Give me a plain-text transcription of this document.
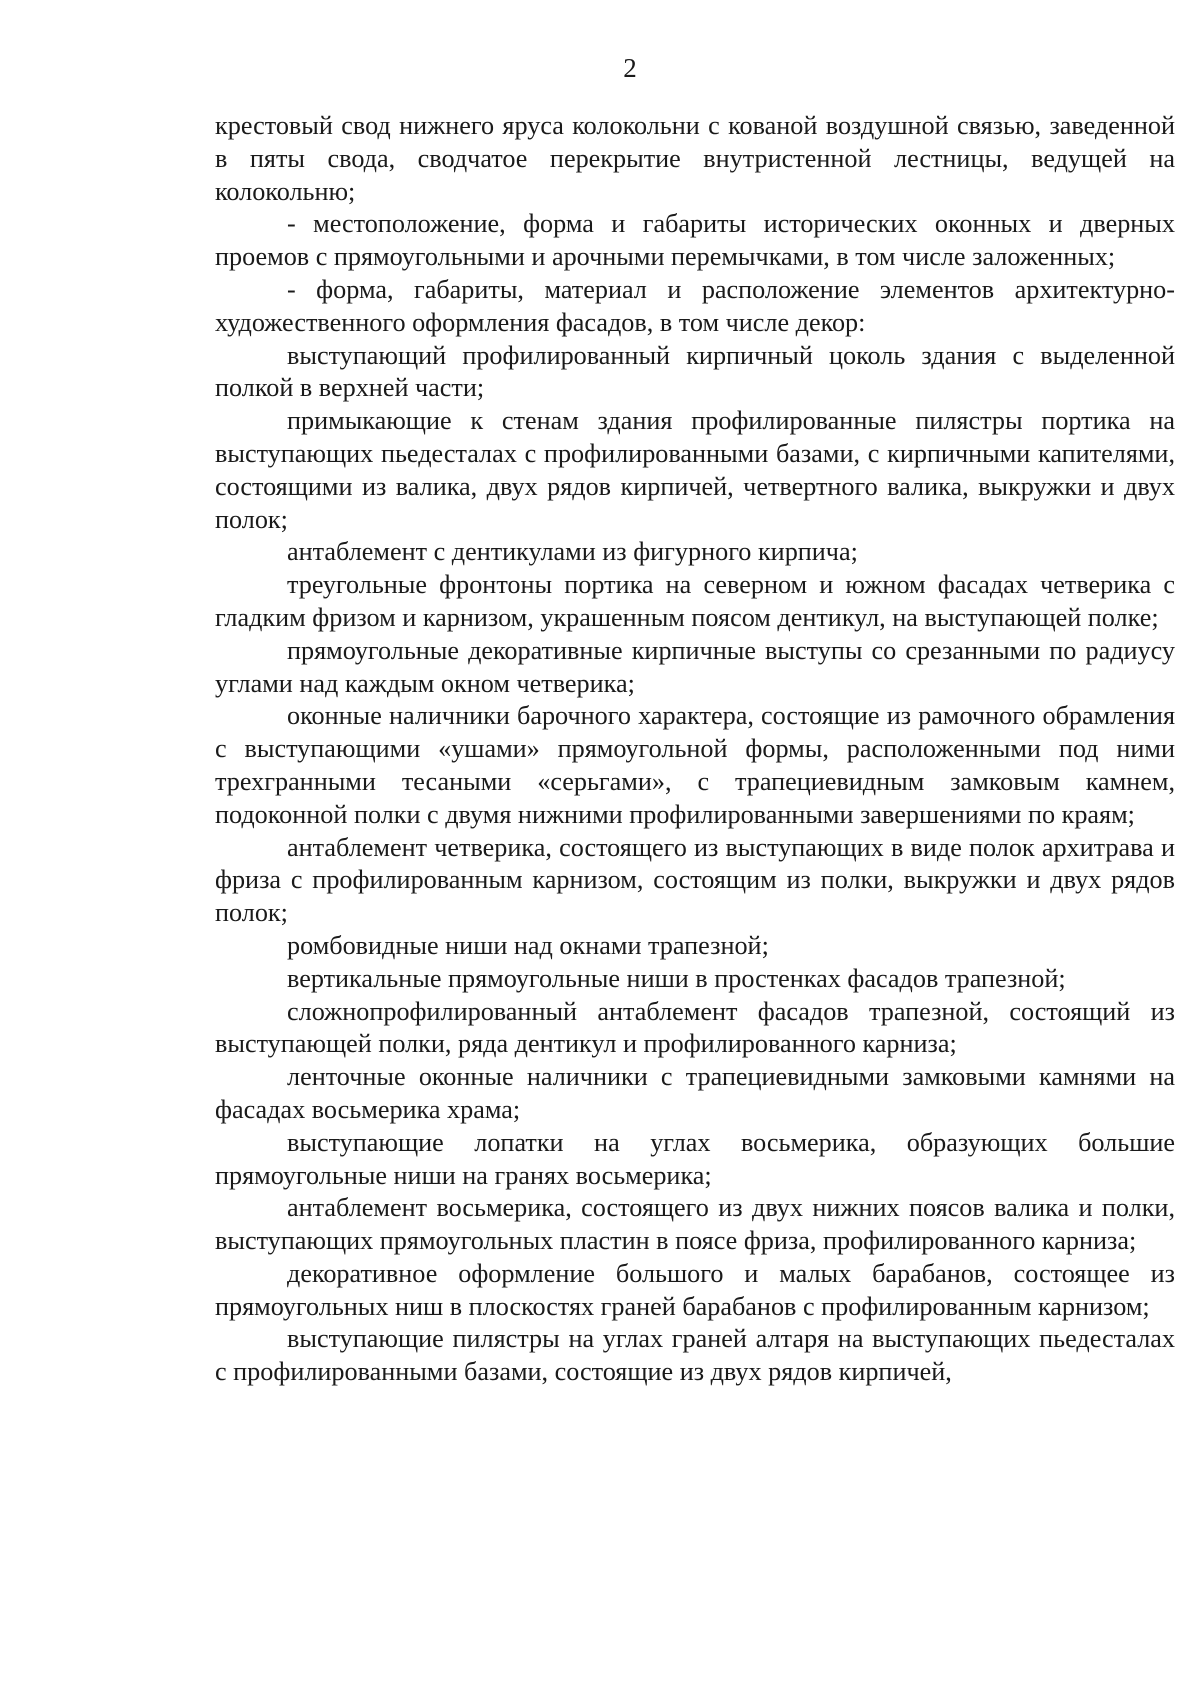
2

крестовый свод нижнего яруса колокольни с кованой воздушной связью, заведенной в пяты свода, сводчатое перекрытие внутристенной лестницы, ведущей на колокольню;

- местоположение, форма и габариты исторических оконных и дверных проемов с прямоугольными и арочными перемычками, в том числе заложенных;

- форма, габариты, материал и расположение элементов архитектурно-художественного оформления фасадов, в том числе декор:

выступающий профилированный кирпичный цоколь здания с выделенной полкой в верхней части;

примыкающие к стенам здания профилированные пилястры портика на выступающих пьедесталах с профилированными базами, с кирпичными капителями, состоящими из валика, двух рядов кирпичей, четвертного валика, выкружки и двух полок;

антаблемент с дентикулами из фигурного кирпича;

треугольные фронтоны портика на северном и южном фасадах четверика с гладким фризом и карнизом, украшенным поясом дентикул, на выступающей полке;

прямоугольные декоративные кирпичные выступы со срезанными по радиусу углами над каждым окном четверика;

оконные наличники барочного характера, состоящие из рамочного обрамления с выступающими «ушами» прямоугольной формы, расположенными под ними трехгранными тесаными «серьгами», с трапециевидным замковым камнем, подоконной полки с двумя нижними профилированными завершениями по краям;

антаблемент четверика, состоящего из выступающих в виде полок архитрава и фриза с профилированным карнизом, состоящим из полки, выкружки и двух рядов полок;

ромбовидные ниши над окнами трапезной;

вертикальные прямоугольные ниши в простенках фасадов трапезной;

сложнопрофилированный антаблемент фасадов трапезной, состоящий из выступающей полки, ряда дентикул и профилированного карниза;

ленточные оконные наличники с трапециевидными замковыми камнями на фасадах восьмерика храма;

выступающие лопатки на углах восьмерика, образующих большие прямоугольные ниши на гранях восьмерика;

антаблемент восьмерика, состоящего из двух нижних поясов валика и полки, выступающих прямоугольных пластин в поясе фриза, профилированного карниза;

декоративное оформление большого и малых барабанов, состоящее из прямоугольных ниш в плоскостях граней барабанов с профилированным карнизом;

выступающие пилястры на углах граней алтаря на выступающих пьедесталах с профилированными базами, состоящие из двух рядов кирпичей,
